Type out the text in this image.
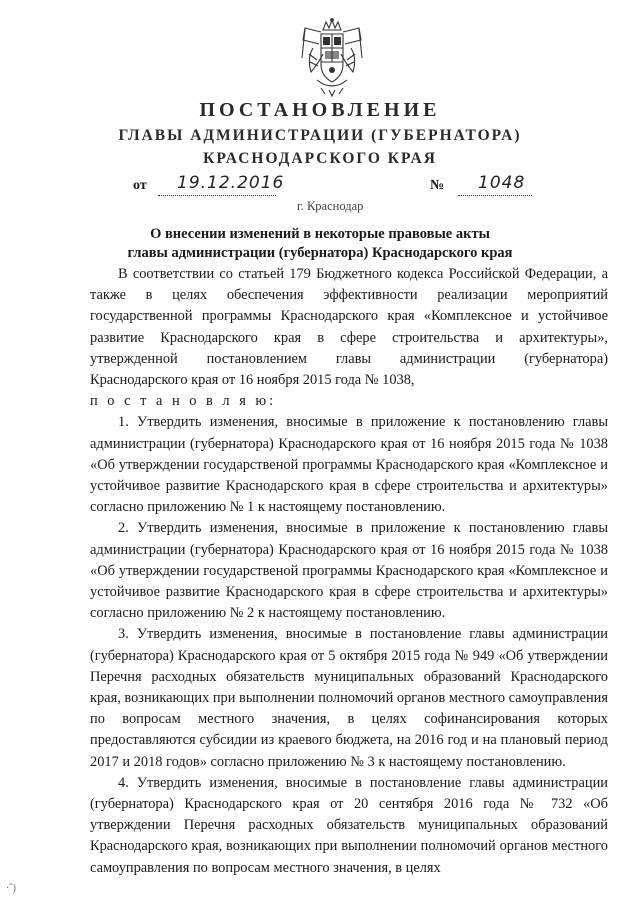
ПОСТАНОВЛЕНИЕ
ГЛАВЫ АДМИНИСТРАЦИИ (ГУБЕРНАТОРА)
КРАСНОДАРСКОГО КРАЯ
от 19.12.2016	№ 1048
г. Краснодар
О внесении изменений в некоторые правовые акты
главы администрации (губернатора) Краснодарского края

В соответствии со статьей 179 Бюджетного кодекса Российской Федерации, а также в целях обеспечения эффективности реализации мероприятий государственной программы Краснодарского края «Комплексное и устойчивое развитие Краснодарского края в сфере строительства и архитектуры», утвержденной постановлением главы администрации (губернатора) Краснодарского края от 16 ноября 2015 года № 1038,

п о с т а н о в л я ю:

1. Утвердить изменения, вносимые в приложение к постановлению главы администрации (губернатора) Краснодарского края от 16 ноября 2015 года № 1038 «Об утверждении государственой программы Краснодарского края «Комплексное и устойчивое развитие Краснодарского края в сфере строительства и архитектуры» согласно приложению № 1 к настоящему постановлению.

2. Утвердить изменения, вносимые в приложение к постановлению главы администрации (губернатора) Краснодарского края от 16 ноября 2015 года № 1038 «Об утверждении государственой программы Краснодарского края «Комплексное и устойчивое развитие Краснодарского края в сфере строительства и архитектуры» согласно приложению № 2 к настоящему постановлению.

3. Утвердить изменения, вносимые в постановление главы администрации (губернатора) Краснодарского края от 5 октября 2015 года № 949 «Об утверждении Перечня расходных обязательств муниципальных образований Краснодарского края, возникающих при выполнении полномочий органов местного самоуправления по вопросам местного значения, в целях софинансирования которых предоставляются субсидии из краевого бюджета, на 2016 год и на плановый период 2017 и 2018 годов» согласно приложению № 3 к настоящему постановлению.

4. Утвердить изменения, вносимые в постановление главы администрации (губернатора) Краснодарского края от 20 сентября 2016 года № 732 «Об утверждении Перечня расходных обязательств муниципальных образований Краснодарского края, возникающих при выполнении полномочий органов местного самоуправления по вопросам местного значения, в целях

·ˆ)
